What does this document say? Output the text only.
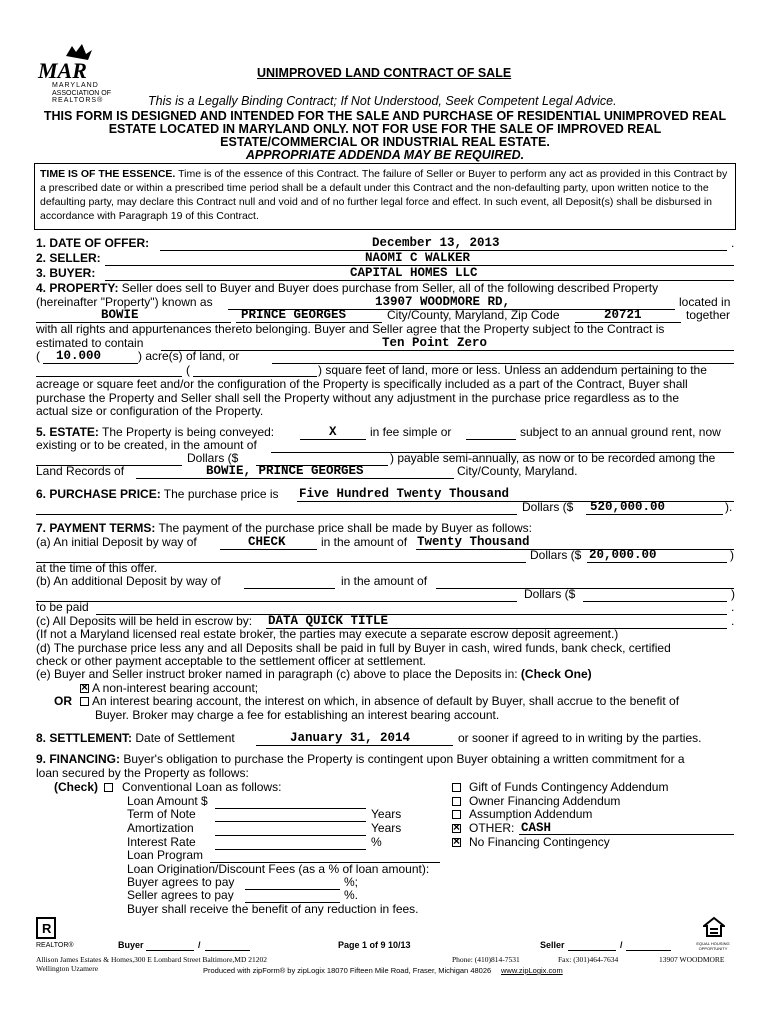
MAR
MARYLAND
ASSOCIATION OF
REALTORS®
UNIMPROVED LAND CONTRACT OF SALE
This is a Legally Binding Contract; If Not Understood, Seek Competent Legal Advice.
THIS FORM IS DESIGNED AND INTENDED FOR THE SALE AND PURCHASE OF RESIDENTIAL UNIMPROVED REAL
ESTATE LOCATED IN MARYLAND ONLY. NOT FOR USE FOR THE SALE OF IMPROVED REAL
ESTATE/COMMERCIAL OR INDUSTRIAL REAL ESTATE.
APPROPRIATE ADDENDA MAY BE REQUIRED.

TIME IS OF THE ESSENCE. Time is of the essence of this Contract. The failure of Seller or Buyer to perform any act as provided in this Contract by a prescribed date or within a prescribed time period shall be a default under this Contract and the non-defaulting party, upon written notice to the defaulting party, may declare this Contract null and void and of no further legal force and effect. In such event, all Deposit(s) shall be disbursed in accordance with Paragraph 19 of this Contract.

1. DATE OF OFFER:	December 13, 2013	.
2. SELLER:	NAOMI C WALKER
3. BUYER:	CAPITAL HOMES LLC
4. PROPERTY: Seller does sell to Buyer and Buyer does purchase from Seller, all of the following described Property
(hereinafter "Property") known as	13907 WOODMORE RD,	located in
BOWIE	PRINCE GEORGES	City/County, Maryland, Zip Code	20721	together
with all rights and appurtenances thereto belonging. Buyer and Seller agree that the Property subject to the Contract is
estimated to contain	Ten Point Zero
( 10.000	) acre(s) of land, or
(	) square feet of land, more or less. Unless an addendum pertaining to the
acreage or square feet and/or the configuration of the Property is specifically included as a part of the Contract, Buyer shall
purchase the Property and Seller shall sell the Property without any adjustment in the purchase price regardless as to the
actual size or configuration of the Property.
5. ESTATE: The Property is being conveyed:	X	in fee simple or	subject to an annual ground rent, now
existing or to be created, in the amount of
Dollars ($	) payable semi-annually, as now or to be recorded among the
Land Records of	BOWIE, PRINCE GEORGES	City/County, Maryland.
6. PURCHASE PRICE: The purchase price is Five Hundred Twenty Thousand
Dollars ($ 520,000.00	).
7. PAYMENT TERMS: The payment of the purchase price shall be made by Buyer as follows:
(a) An initial Deposit by way of	CHECK	in the amount of Twenty Thousand
Dollars ($ 20,000.00	)
at the time of this offer.
(b) An additional Deposit by way of	in the amount of
Dollars ($	)
to be paid	.
(c) All Deposits will be held in escrow by: DATA QUICK TITLE	.
(If not a Maryland licensed real estate broker, the parties may execute a separate escrow deposit agreement.)
(d) The purchase price less any and all Deposits shall be paid in full by Buyer in cash, wired funds, bank check, certified
check or other payment acceptable to the settlement officer at settlement.
(e) Buyer and Seller instruct broker named in paragraph (c) above to place the Deposits in: (Check One)
×A non-interest bearing account;
OR	An interest bearing account, the interest on which, in absence of default by Buyer, shall accrue to the benefit of
Buyer. Broker may charge a fee for establishing an interest bearing account.
8. SETTLEMENT: Date of Settlement	January 31, 2014	or sooner if agreed to in writing by the parties.
9. FINANCING: Buyer's obligation to purchase the Property is contingent upon Buyer obtaining a written commitment for a
loan secured by the Property as follows:
(Check)	Conventional Loan as follows:
Loan Amount $
Term of Note	Years
Amortization	Years
Interest Rate	%
Loan Program
Loan Origination/Discount Fees (as a % of loan amount):
Buyer agrees to pay	%;
Seller agrees to pay	%.
Buyer shall receive the benefit of any reduction in fees.
Gift of Funds Contingency Addendum
Owner Financing Addendum
Assumption Addendum
×OTHER: CASH
×No Financing Contingency
R
REALTOR®	Buyer	/	Page 1 of 9 10/13	Seller	/	EQUAL HOUSING OPPORTUNITY
Allison James Estates & Homes,300 E Lombard Street Baltimore,MD 21202	Phone: (410)814-7531	Fax: (301)464-7634	13907 WOODMORE
Wellington Uzamere	Produced with zipForm® by zipLogix 18070 Fifteen Mile Road, Fraser, Michigan 48026 www.zipLogix.com
